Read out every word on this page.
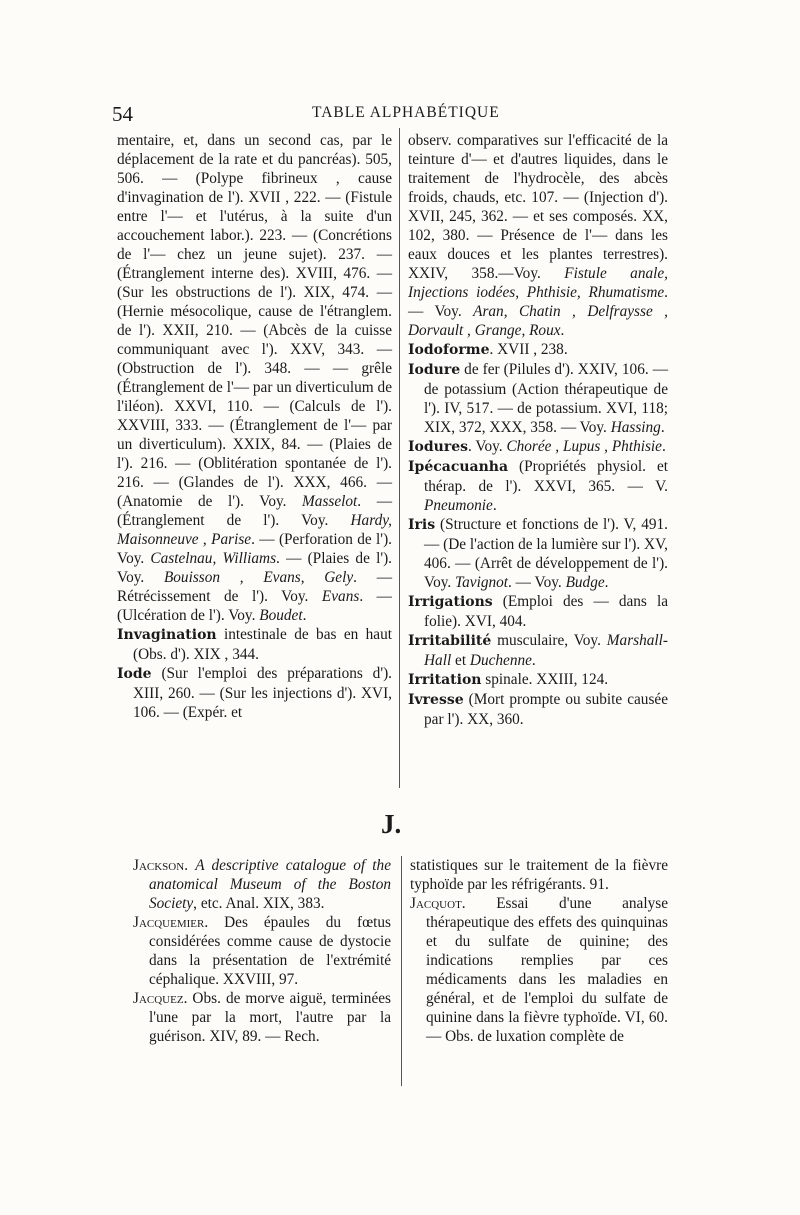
54	TABLE ALPHABÉTIQUE

mentaire, et, dans un second cas, par le déplacement de la rate et du pancréas). 505, 506. — (Polype fibrineux , cause d'invagination de l'). XVII , 222. — (Fistule entre l'— et l'utérus, à la suite d'un accouchement labor.). 223. — (Concrétions de l'— chez un jeune sujet). 237. — (Étranglement interne des). XVIII, 476. — (Sur les obstructions de l'). XIX, 474. — (Hernie mésocolique, cause de l'étranglem. de l'). XXII, 210. — (Abcès de la cuisse communiquant avec l'). XXV, 343. — (Obstruction de l'). 348. — — grêle (Étranglement de l'— par un diverticulum de l'iléon). XXVI, 110. — (Calculs de l'). XXVIII, 333. — (Étranglement de l'— par un diverticulum). XXIX, 84. — (Plaies de l'). 216. — (Oblitération spontanée de l'). 216. — (Glandes de l'). XXX, 466. — (Anatomie de l'). Voy. Masselot. — (Étranglement de l'). Voy. Hardy, Maisonneuve , Parise. — (Perforation de l'). Voy. Castelnau, Williams. — (Plaies de l'). Voy. Bouisson , Evans, Gely. — Rétrécissement de l'). Voy. Evans. — (Ulcération de l'). Voy. Boudet.

Invagination intestinale de bas en haut (Obs. d'). XIX , 344.

Iode (Sur l'emploi des préparations d'). XIII, 260. — (Sur les injections d'). XVI, 106. — (Expér. et

observ. comparatives sur l'efficacité de la teinture d'— et d'autres liquides, dans le traitement de l'hydrocèle, des abcès froids, chauds, etc. 107. — (Injection d'). XVII, 245, 362. — et ses composés. XX, 102, 380. — Présence de l'— dans les eaux douces et les plantes terrestres). XXIV, 358.—Voy. Fistule anale, Injections iodées, Phthisie, Rhumatisme. — Voy. Aran, Chatin , Delfraysse , Dorvault , Grange, Roux.

Iodoforme. XVII , 238.

Iodure de fer (Pilules d'). XXIV, 106. — de potassium (Action thérapeutique de l'). IV, 517. — de potassium. XVI, 118; XIX, 372, XXX, 358. — Voy. Hassing.

Iodures. Voy. Chorée , Lupus , Phthisie.

Ipécacuanha (Propriétés physiol. et thérap. de l'). XXVI, 365. — V. Pneumonie.

Iris (Structure et fonctions de l'). V, 491. — (De l'action de la lumière sur l'). XV, 406. — (Arrêt de développement de l'). Voy. Tavignot. — Voy. Budge.

Irrigations (Emploi des — dans la folie). XVI, 404.

Irritabilité musculaire, Voy. Marshall-Hall et Duchenne.

Irritation spinale. XXIII, 124.

Ivresse (Mort prompte ou subite causée par l'). XX, 360.

J.

Jackson. A descriptive catalogue of the anatomical Museum of the Boston Society, etc. Anal. XIX, 383.

Jacquemier. Des épaules du fœtus considérées comme cause de dystocie dans la présentation de l'extrémité céphalique. XXVIII, 97.

Jacquez. Obs. de morve aiguë, terminées l'une par la mort, l'autre par la guérison. XIV, 89. — Rech.

statistiques sur le traitement de la fièvre typhoïde par les réfrigérants. 91.

Jacquot. Essai d'une analyse thérapeutique des effets des quinquinas et du sulfate de quinine; des indications remplies par ces médicaments dans les maladies en général, et de l'emploi du sulfate de quinine dans la fièvre typhoïde. VI, 60. — Obs. de luxation complète de
